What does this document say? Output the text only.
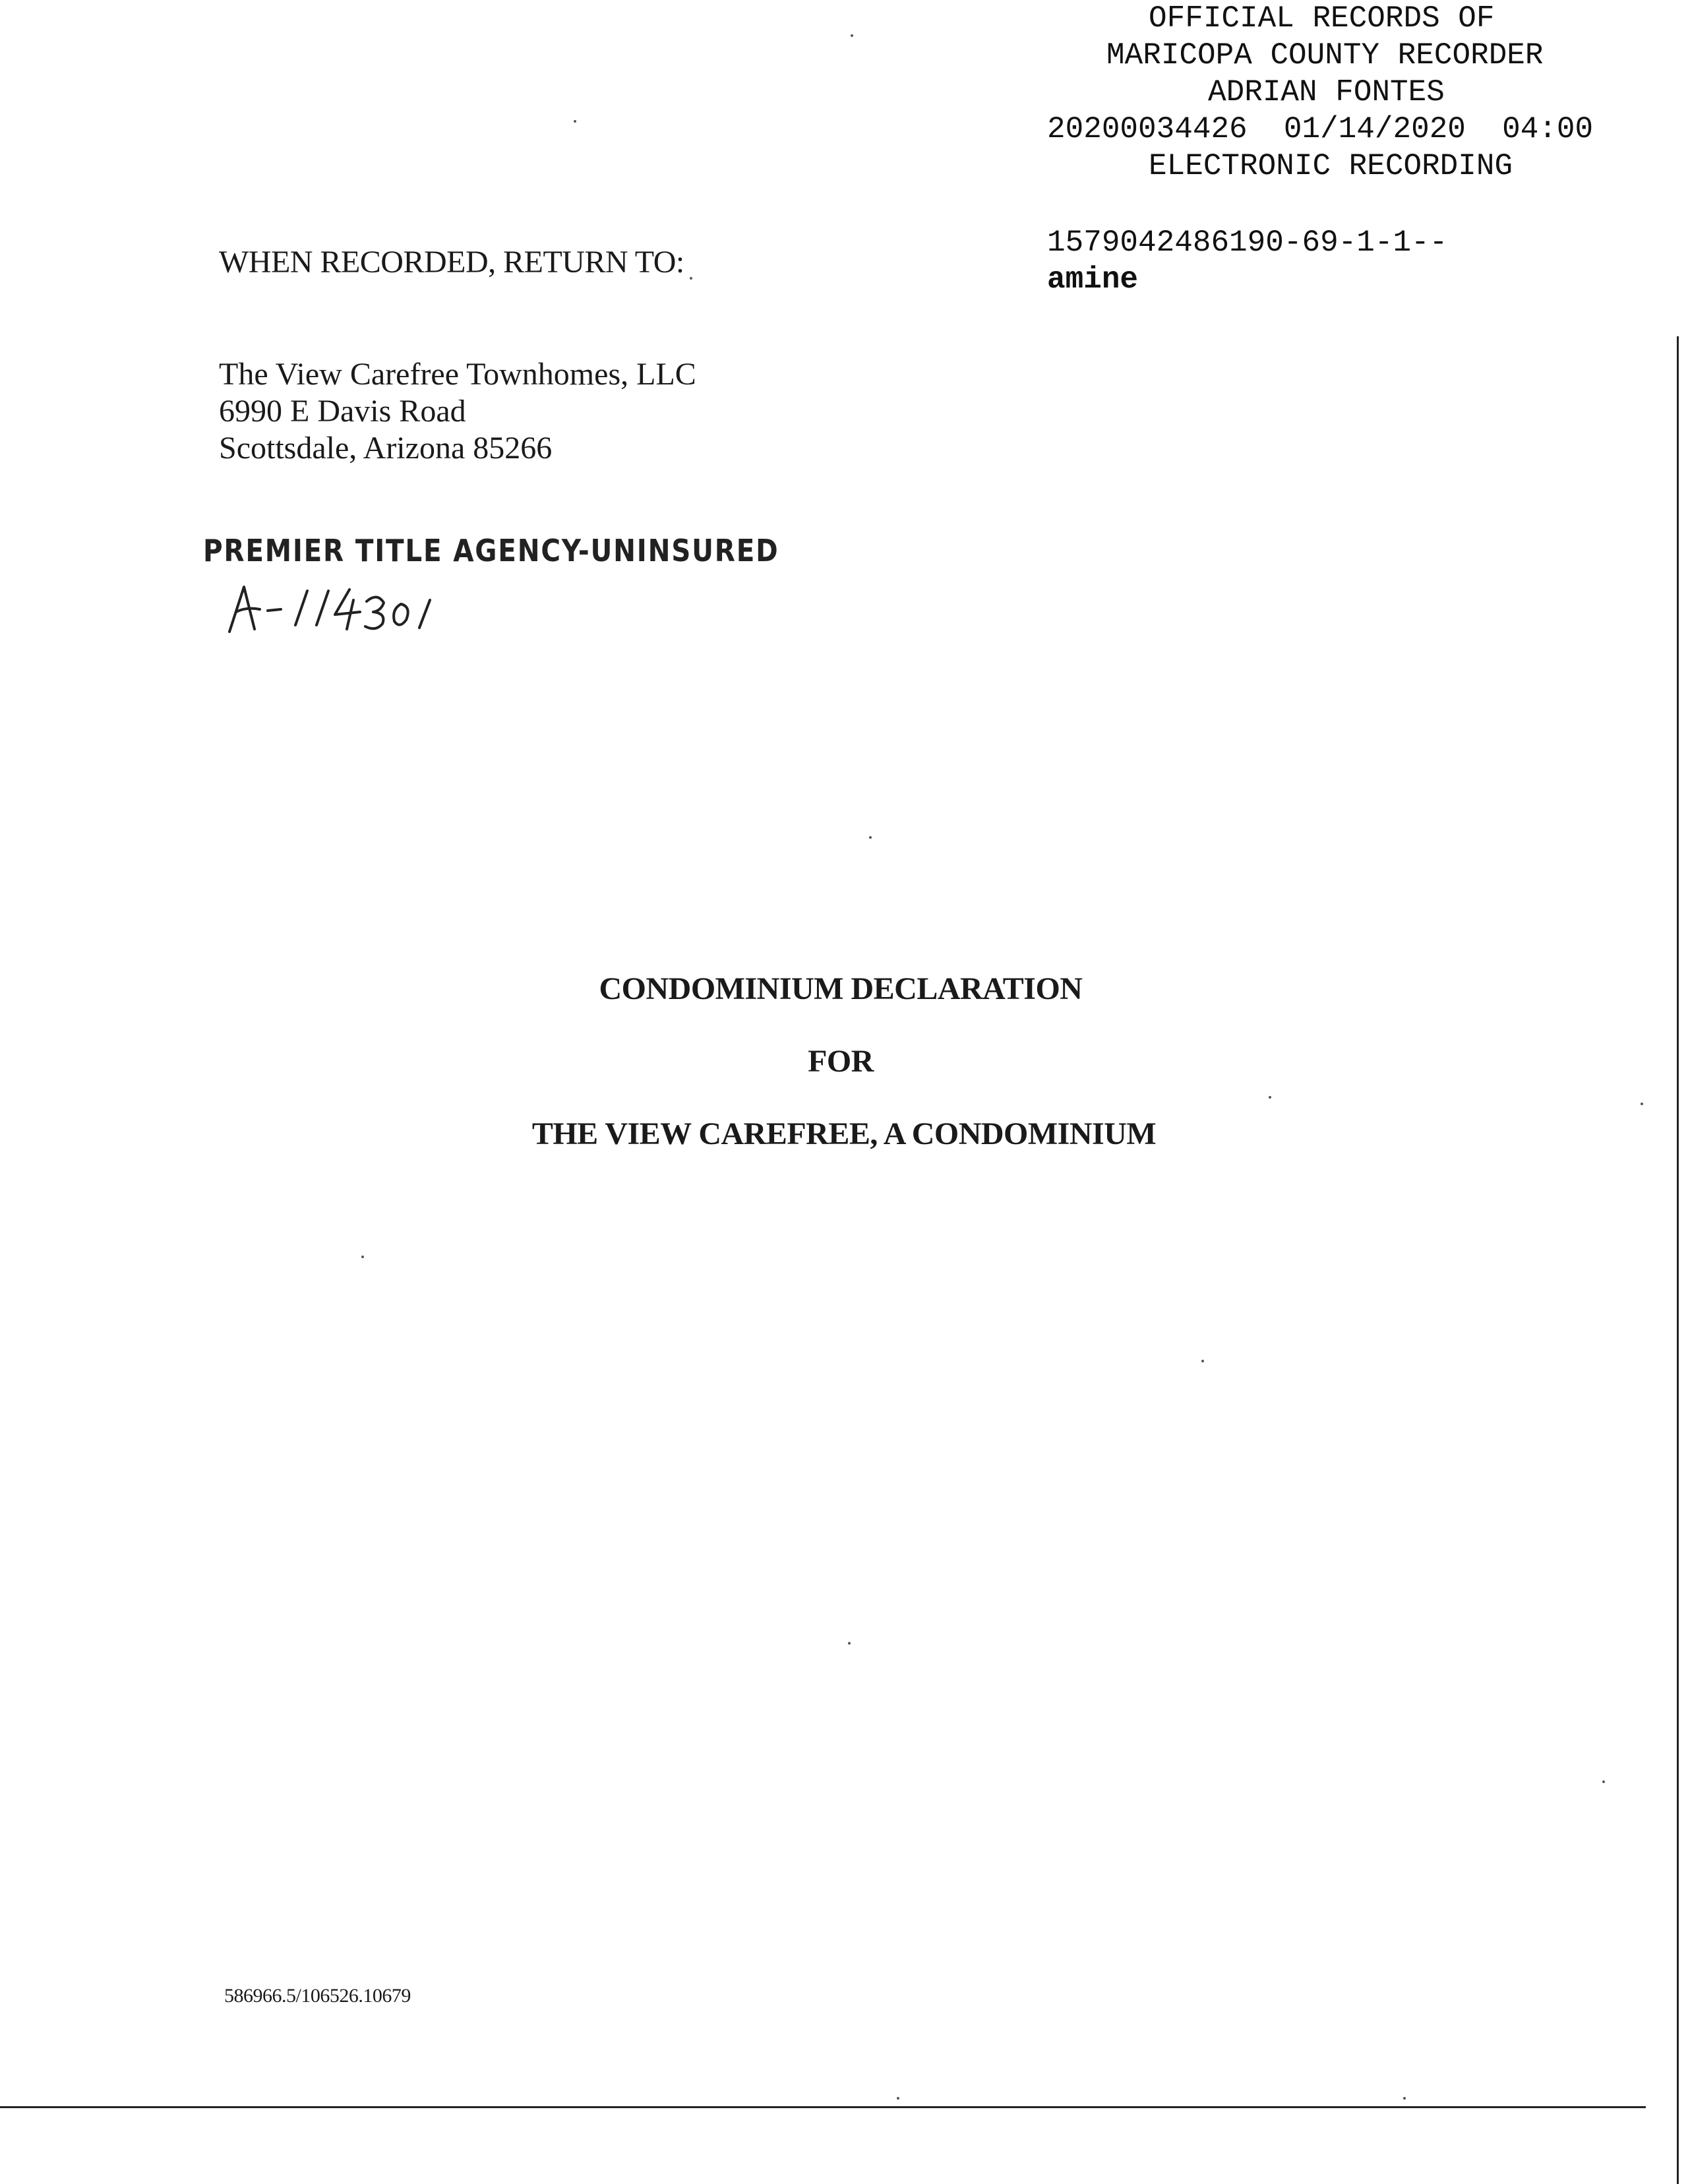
OFFICIAL RECORDS OF
MARICOPA COUNTY RECORDER
ADRIAN FONTES
20200034426  01/14/2020  04:00
ELECTRONIC RECORDING
1579042486190-69-1-1--
amine
WHEN RECORDED, RETURN TO:
The View Carefree Townhomes, LLC
6990 E Davis Road
Scottsdale, Arizona 85266
PREMIER TITLE AGENCY-UNINSURED
CONDOMINIUM DECLARATION
FOR
THE VIEW CAREFREE, A CONDOMINIUM
586966.5/106526.10679
